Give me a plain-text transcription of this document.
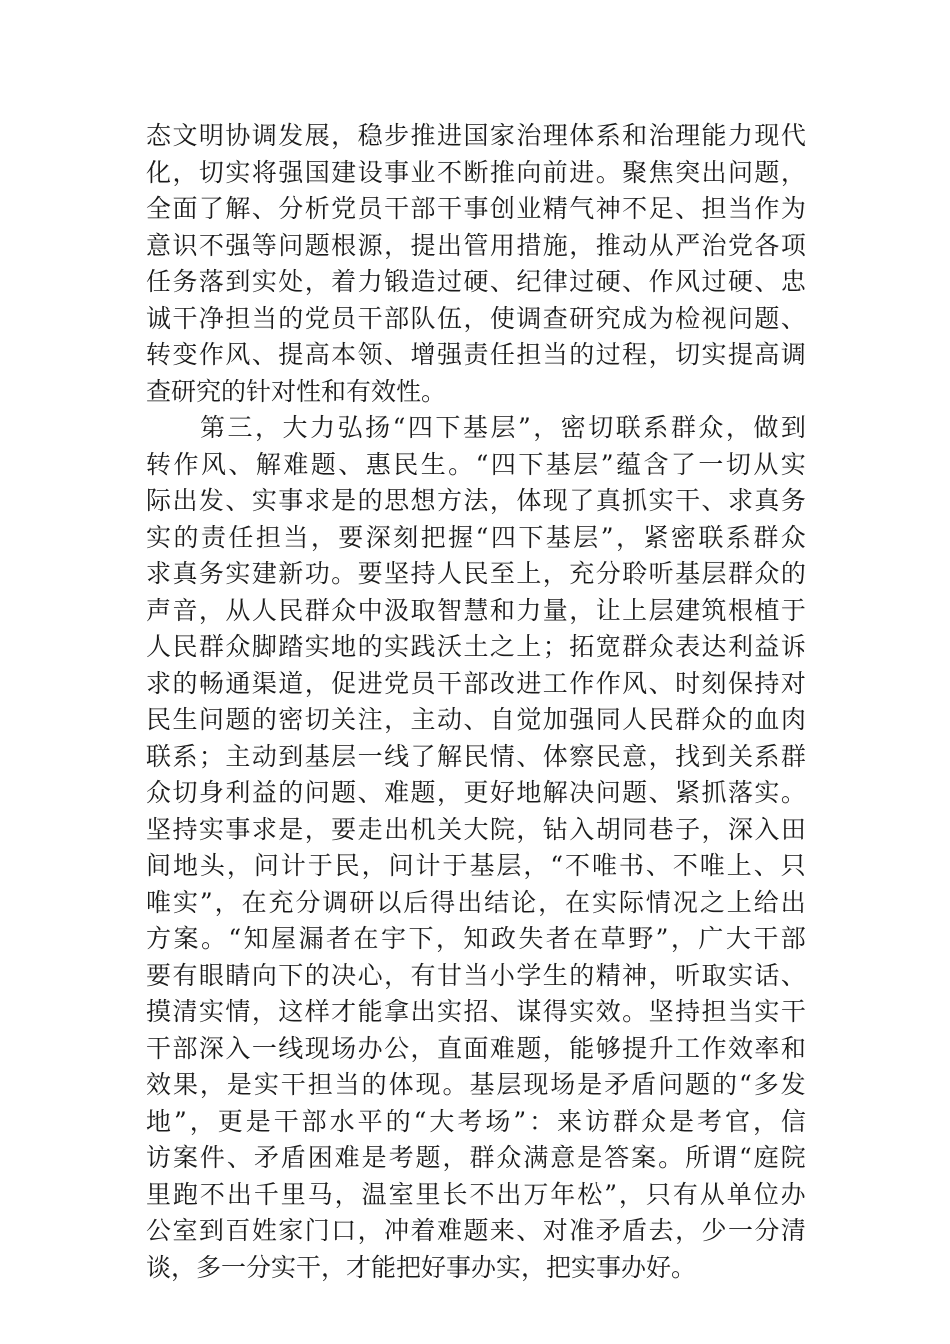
态 文 明 协 调 发 展 ， 稳 步 推 进 国 家 治 理 体 系 和 治 理 能 力 现 代
化 ， 切 实 将 强 国 建 设 事 业 不 断 推 向 前 进 。 聚 焦 突 出 问 题 ，
全 面 了 解 、 分 析 党 员 干 部 干 事 创 业 精 气 神 不 足 、 担 当 作 为
意 识 不 强 等 问 题 根 源 ， 提 出 管 用 措 施 ， 推 动 从 严 治 党 各 项
任 务 落 到 实 处 ， 着 力 锻 造 过 硬 、 纪 律 过 硬 、 作 风 过 硬 、 忠
诚 干 净 担 当 的 党 员 干 部 队 伍 ， 使 调 查 研 究 成 为 检 视 问 题 、
转 变 作 风 、 提 高 本 领 、 增 强 责 任 担 当 的 过 程 ， 切 实 提 高 调
查研究的针对性和有效性。
第 三 ， 大 力 弘 扬 “ 四 下 基 层 ” ， 密 切 联 系 群 众 ， 做 到
转 作 风 、 解 难 题 、 惠 民 生 。 “ 四 下 基 层 ” 蕴 含 了 一 切 从 实
际 出 发 、 实 事 求 是 的 思 想 方 法 ， 体 现 了 真 抓 实 干 、 求 真 务
实 的 责 任 担 当 ， 要 深 刻 把 握 “ 四 下 基 层 ” ， 紧 密 联 系 群 众
求 真 务 实 建 新 功 。 要 坚 持 人 民 至 上 ， 充 分 聆 听 基 层 群 众 的
声 音 ， 从 人 民 群 众 中 汲 取 智 慧 和 力 量 ， 让 上 层 建 筑 根 植 于
人 民 群 众 脚 踏 实 地 的 实 践 沃 土 之 上 ； 拓 宽 群 众 表 达 利 益 诉
求 的 畅 通 渠 道 ， 促 进 党 员 干 部 改 进 工 作 作 风 、 时 刻 保 持 对
民 生 问 题 的 密 切 关 注 ， 主 动 、 自 觉 加 强 同 人 民 群 众 的 血 肉
联 系 ； 主 动 到 基 层 一 线 了 解 民 情 、 体 察 民 意 ， 找 到 关 系 群
众 切 身 利 益 的 问 题 、 难 题 ， 更 好 地 解 决 问 题 、 紧 抓 落 实 。
坚 持 实 事 求 是 ， 要 走 出 机 关 大 院 ， 钻 入 胡 同 巷 子 ， 深 入 田
间 地 头 ， 问 计 于 民 ， 问 计 于 基 层 ， “ 不 唯 书 、 不 唯 上 、 只
唯 实 ” ， 在 充 分 调 研 以 后 得 出 结 论 ， 在 实 际 情 况 之 上 给 出
方 案 。 “ 知 屋 漏 者 在 宇 下 ， 知 政 失 者 在 草 野 ” ， 广 大 干 部
要 有 眼 睛 向 下 的 决 心 ， 有 甘 当 小 学 生 的 精 神 ， 听 取 实 话 、
摸 清 实 情 ， 这 样 才 能 拿 出 实 招 、 谋 得 实 效 。 坚 持 担 当 实 干
干 部 深 入 一 线 现 场 办 公 ， 直 面 难 题 ， 能 够 提 升 工 作 效 率 和
效 果 ， 是 实 干 担 当 的 体 现 。 基 层 现 场 是 矛 盾 问 题 的 “ 多 发
地 ” ， 更 是 干 部 水 平 的 “ 大 考 场 ” ： 来 访 群 众 是 考 官 ， 信
访 案 件 、 矛 盾 困 难 是 考 题 ， 群 众 满 意 是 答 案 。 所 谓 “ 庭 院
里 跑 不 出 千 里 马 ， 温 室 里 长 不 出 万 年 松 ” ， 只 有 从 单 位 办
公 室 到 百 姓 家 门 口 ， 冲 着 难 题 来 、 对 准 矛 盾 去 ， 少 一 分 清
谈，多一分实干，才能把好事办实，把实事办好。
